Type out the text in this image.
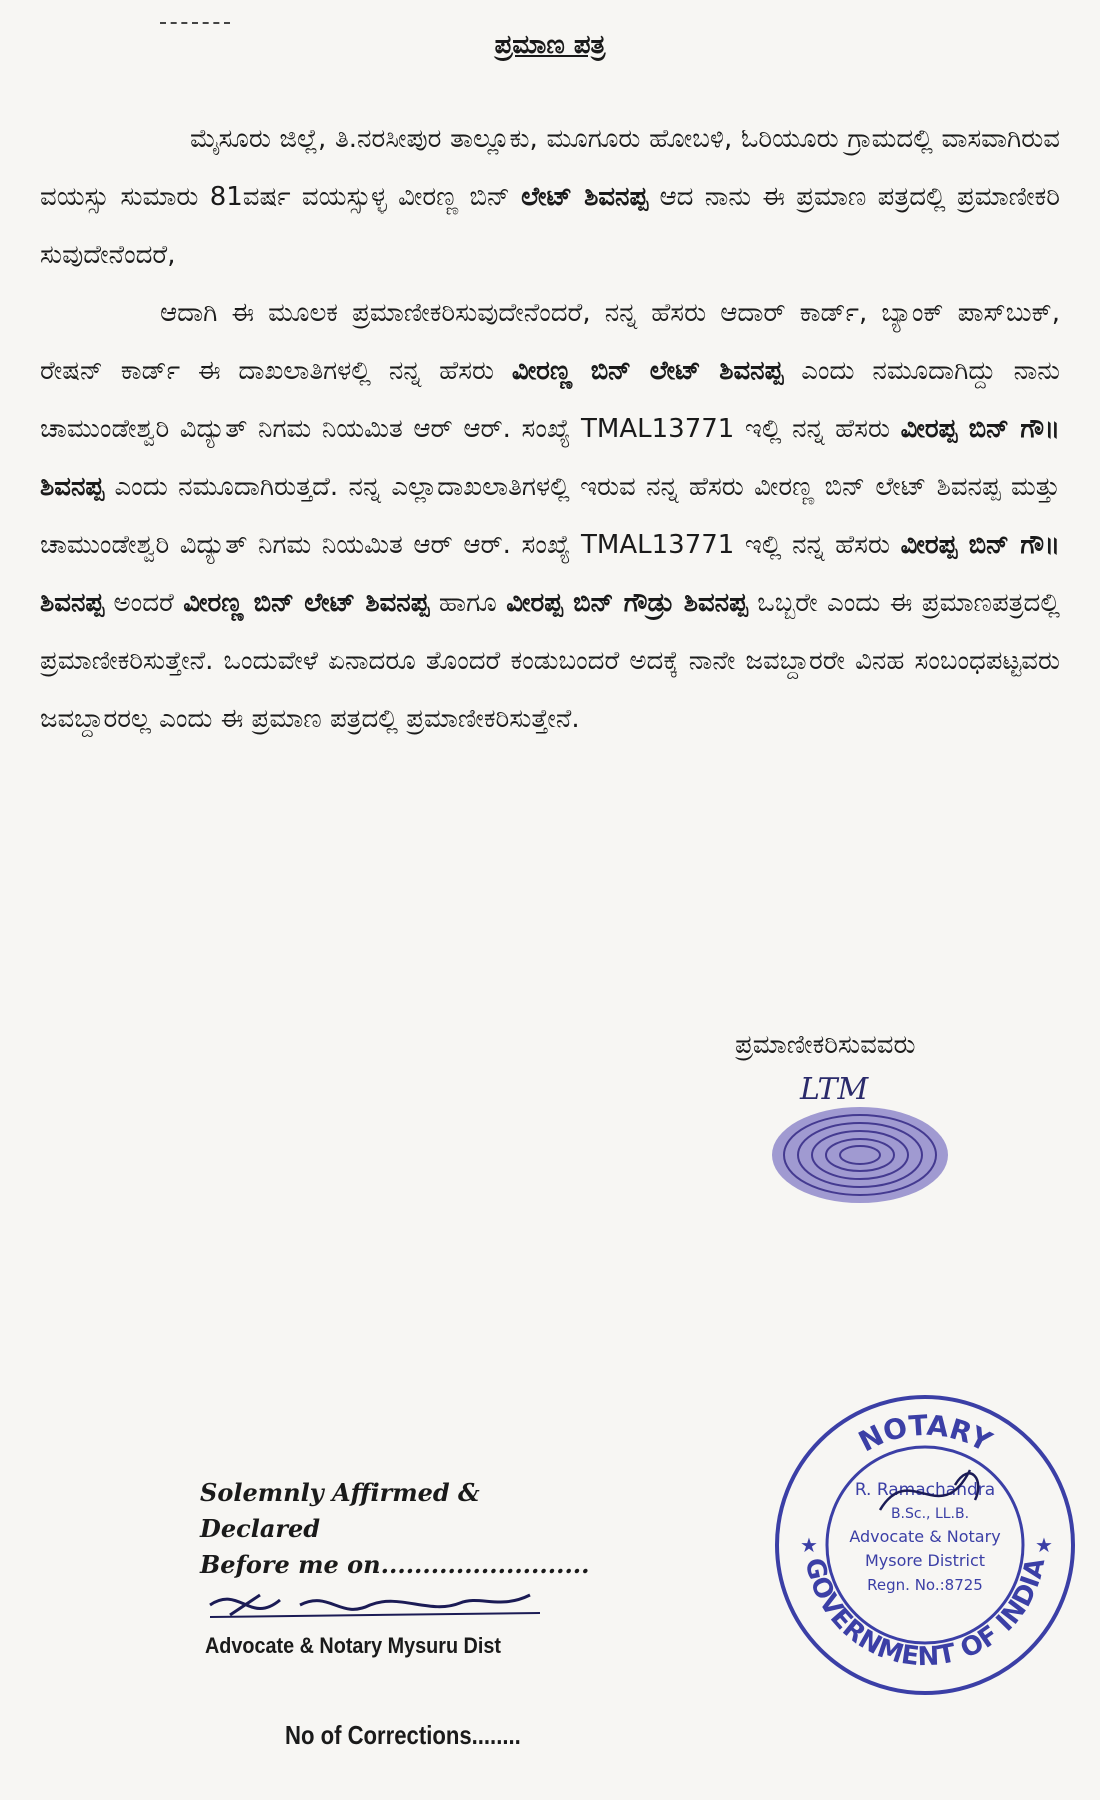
ಪ್ರಮಾಣ ಪತ್ರ

ಮೈಸೂರು ಜಿಲ್ಲೆ, ತಿ.ನರಸೀಪುರ ತಾಲ್ಲೂಕು, ಮೂಗೂರು ಹೋಬಳಿ, ಓರಿಯೂರು ಗ್ರಾಮದಲ್ಲಿ ವಾಸವಾಗಿರುವ ವಯಸ್ಸು ಸುಮಾರು 81ವರ್ಷ ವಯಸ್ಸುಳ್ಳ ವೀರಣ್ಣ ಬಿನ್ ಲೇಟ್ ಶಿವನಪ್ಪ ಆದ ನಾನು ಈ ಪ್ರಮಾಣ ಪತ್ರದಲ್ಲಿ ಪ್ರಮಾಣೀಕರಿ ಸುವುದೇನೆಂದರೆ,

ಆದಾಗಿ ಈ ಮೂಲಕ ಪ್ರಮಾಣೀಕರಿಸುವುದೇನೆಂದರೆ, ನನ್ನ ಹೆಸರು ಆದಾರ್ ಕಾರ್ಡ್, ಬ್ಯಾಂಕ್ ಪಾಸ್‌ಬುಕ್, ರೇಷನ್ ಕಾರ್ಡ್ ಈ ದಾಖಲಾತಿಗಳಲ್ಲಿ ನನ್ನ ಹೆಸರು ವೀರಣ್ಣ ಬಿನ್ ಲೇಟ್ ಶಿವನಪ್ಪ ಎಂದು ನಮೂದಾಗಿದ್ದು ನಾನು ಚಾಮುಂಡೇಶ್ವರಿ ವಿದ್ಯುತ್ ನಿಗಮ ನಿಯಮಿತ ಆರ್ ಆರ್. ಸಂಖ್ಯೆ TMAL13771 ಇಲ್ಲಿ ನನ್ನ ಹೆಸರು ವೀರಪ್ಪ ಬಿನ್ ಗೌ॥ ಶಿವನಪ್ಪ ಎಂದು ನಮೂದಾಗಿರುತ್ತದೆ. ನನ್ನ ಎಲ್ಲಾದಾಖಲಾತಿಗಳಲ್ಲಿ ಇರುವ ನನ್ನ ಹೆಸರು ವೀರಣ್ಣ ಬಿನ್ ಲೇಟ್ ಶಿವನಪ್ಪ ಮತ್ತು ಚಾಮುಂಡೇಶ್ವರಿ ವಿದ್ಯುತ್ ನಿಗಮ ನಿಯಮಿತ ಆರ್ ಆರ್. ಸಂಖ್ಯೆ TMAL13771 ಇಲ್ಲಿ ನನ್ನ ಹೆಸರು ವೀರಪ್ಪ ಬಿನ್ ಗೌ॥ ಶಿವನಪ್ಪ ಅಂದರೆ ವೀರಣ್ಣ ಬಿನ್ ಲೇಟ್ ಶಿವನಪ್ಪ ಹಾಗೂ ವೀರಪ್ಪ ಬಿನ್ ಗೌಡ್ರು ಶಿವನಪ್ಪ ಒಬ್ಬರೇ ಎಂದು ಈ ಪ್ರಮಾಣಪತ್ರದಲ್ಲಿ ಪ್ರಮಾಣೀಕರಿಸುತ್ತೇನೆ. ಒಂದುವೇಳೆ ಏನಾದರೂ ತೊಂದರೆ ಕಂಡುಬಂದರೆ ಅದಕ್ಕೆ ನಾನೇ ಜವಬ್ದಾರರೇ ವಿನಹ ಸಂಬಂಧಪಟ್ಟವರು ಜವಬ್ದಾರರಲ್ಲ ಎಂದು ಈ ಪ್ರಮಾಣ ಪತ್ರದಲ್ಲಿ ಪ್ರಮಾಣೀಕರಿಸುತ್ತೇನೆ.

ಪ್ರಮಾಣೀಕರಿಸುವವರು
LTM
Solemnly Affirmed & Declared
Before me on.........................
Advocate & Notary Mysuru Dist
No of Corrections........
NOTARY
GOVERNMENT OF INDIA
★	★
R. Ramachandra
B.Sc., LL.B.
Advocate & Notary
Mysore District
Regn. No.:8725
